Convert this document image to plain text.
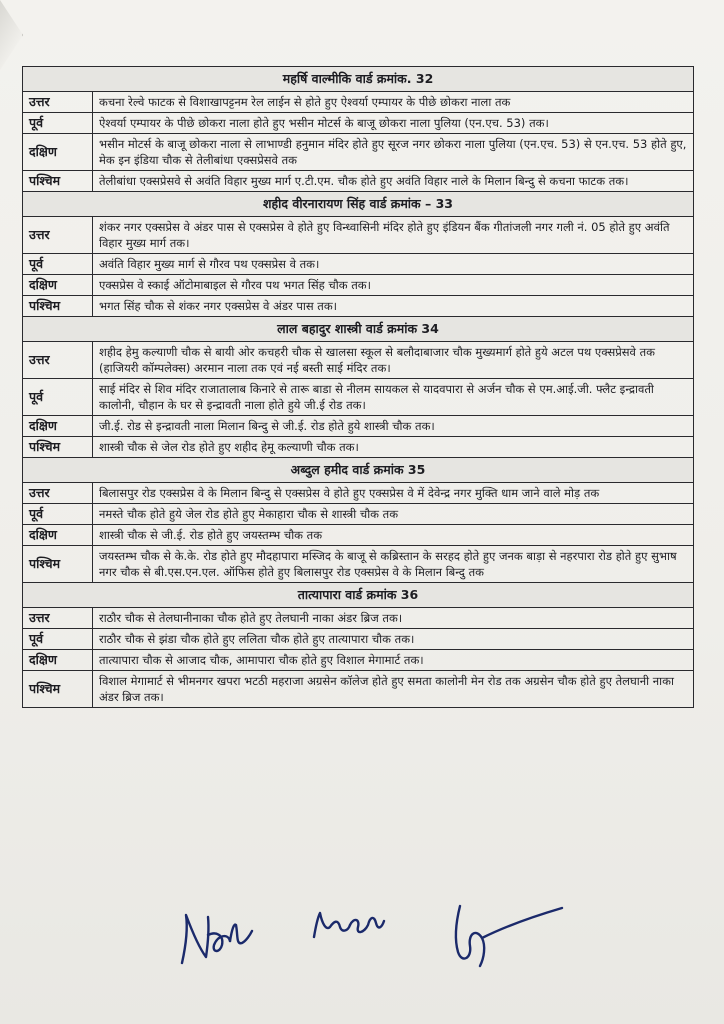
महर्षि वाल्मीकि वार्ड क्रमांक. 32	
उत्तर	कचना रेल्वे फाटक से विशाखापट्टनम रेल लाईन से होते हुए ऐश्वर्या एम्पायर के पीछे छोकरा नाला तक
पूर्व	ऐश्वर्या एम्पायर के पीछे छोकरा नाला होते हुए भसीन मोटर्स के बाजू छोकरा नाला पुलिया (एन.एच. 53) तक।
दक्षिण	भसीन मोटर्स के बाजू छोकरा नाला से लाभाण्डी हनुमान मंदिर होते हुए सूरज नगर छोकरा नाला पुलिया (एन.एच. 53) से एन.एच. 53 होते हुए, मेक इन इंडिया चौक से तेलीबांधा एक्सप्रेसवे तक
पश्चिम	तेलीबांधा एक्सप्रेसवे से अवंति विहार मुख्य मार्ग ए.टी.एम. चौक होते हुए अवंति विहार नाले के मिलान बिन्दु से कचना फाटक तक।
शहीद वीरनारायण सिंह वार्ड क्रमांक – 33	
उत्तर	शंकर नगर एक्सप्रेस वे अंडर पास से एक्सप्रेस वे होते हुए विन्ध्वासिनी मंदिर होते हुए इंडियन बैंक गीतांजली नगर गली नं. 05 होते हुए अवंति विहार मुख्य मार्ग तक।
पूर्व	अवंति विहार मुख्य मार्ग से गौरव पथ एक्सप्रेस वे तक।
दक्षिण	एक्सप्रेस वे स्काई ऑटोमाबाइल से गौरव पथ भगत सिंह चौक तक।
पश्चिम	भगत सिंह चौक से शंकर नगर एक्सप्रेस वे अंडर पास तक।
लाल बहादुर शास्त्री वार्ड क्रमांक 34	
उत्तर	शहीद हेमु कल्याणी चौक से बायी ओर कचहरी चौक से खालसा स्कूल से बलौदाबाजार चौक मुख्यमार्ग होते हुये अटल पथ एक्सप्रेसवे तक (हाजियरी कॉम्पलेक्स) अरमान नाला तक एवं नई बस्ती साई मंदिर तक।
पूर्व	साई मंदिर से शिव मंदिर राजातालाब किनारे से तारू बाडा से नीलम सायकल से यादवपारा से अर्जन चौक से एम.आई.जी. फ्लैट इन्द्रावती कालोनी, चौहान के घर से इन्द्रावती नाला होते हुये जी.ई रोड तक।
दक्षिण	जी.ई. रोड से इन्द्रावती नाला मिलान बिन्दु से जी.ई. रोड होते हुये शास्त्री चौक तक।
पश्चिम	शास्त्री चौक से जेल रोड होते हुए शहीद हेमू कल्याणी चौक तक।
अब्दुल हमीद वार्ड क्रमांक 35	
उत्तर	बिलासपुर रोड एक्सप्रेस वे के मिलान बिन्दु से एक्सप्रेस वे होते हुए एक्सप्रेस वे में देवेन्द्र नगर मुक्ति धाम जाने वाले मोड़ तक
पूर्व	नमस्ते चौक होते हुये जेल रोड होते हुए मेकाहारा चौक से शास्त्री चौक तक
दक्षिण	शास्त्री चौक से जी.ई. रोड होते हुए जयस्तम्भ चौक तक
पश्चिम	जयस्तम्भ चौक से के.के. रोड होते हुए मौदहापारा मस्जिद के बाजू से कब्रिस्तान के सरहद होते हुए जनक बाड़ा से नहरपारा रोड होते हुए सुभाष नगर चौक से बी.एस.एन.एल. ऑफिस होते हुए बिलासपुर रोड एक्सप्रेस वे के मिलान बिन्दु तक
तात्यापारा वार्ड क्रमांक 36	
उत्तर	राठौर चौक से तेलघानीनाका चौक होते हुए तेलघानी नाका अंडर ब्रिज तक।
पूर्व	राठौर चौक से झंडा चौक होते हुए ललिता चौक होते हुए तात्यापारा चौक तक।
दक्षिण	तात्यापारा चौक से आजाद चौक, आमापारा चौक होते हुए विशाल मेगामार्ट तक।
पश्चिम	विशाल मेगामार्ट से भीमनगर खपरा भटठी महराजा अग्रसेन कॉलेज होते हुए समता कालोनी मेन रोड तक अग्रसेन चौक होते हुए तेलघानी नाका अंडर ब्रिज तक।
